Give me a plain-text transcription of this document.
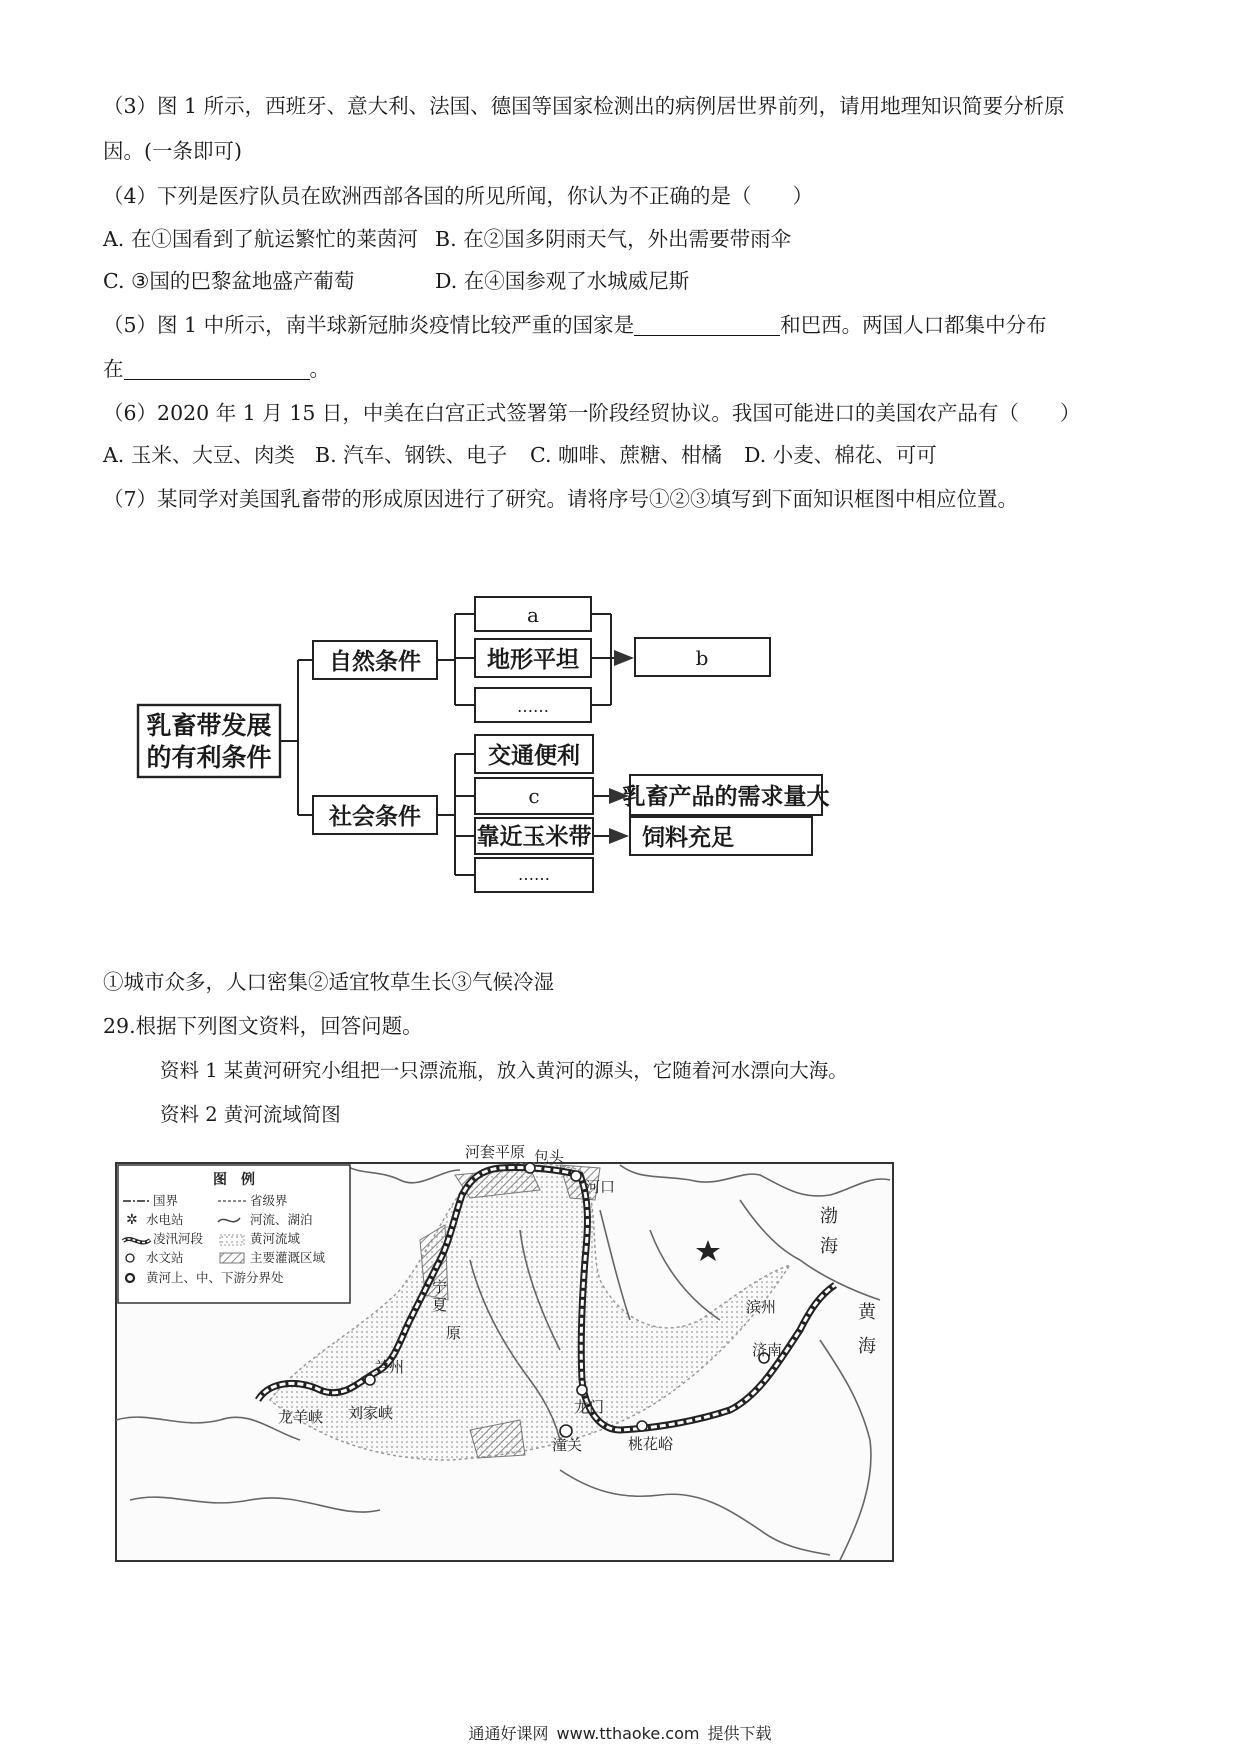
（3）图 1 所示，西班牙、意大利、法国、德国等国家检测出的病例居世界前列，请用地理知识简要分析原
因。(一条即可)
（4）下列是医疗队员在欧洲西部各国的所见所闻，你认为不正确的是（　　）
A. 在①国看到了航运繁忙的莱茵河 B. 在②国多阴雨天气，外出需要带雨伞
C. ③国的巴黎盆地盛产葡萄	D. 在④国参观了水城威尼斯
（5）图 1 中所示，南半球新冠肺炎疫情比较严重的国家是	和巴西。两国人口都集中分布
在	。
（6）2020 年 1 月 15 日，中美在白宫正式签署第一阶段经贸协议。我国可能进口的美国农产品有（　　）
A. 玉米、大豆、肉类 B. 汽车、钢铁、电子 C. 咖啡、蔗糖、柑橘 D. 小麦、棉花、可可
（7）某同学对美国乳畜带的形成原因进行了研究。请将序号①②③填写到下面知识框图中相应位置。
乳畜带发展
的有利条件
自然条件
社会条件
a
地形平坦
……
b
交通便利
c
靠近玉米带
……
乳畜产品的需求量大
饲料充足
①城市众多，人口密集②适宜牧草生长③气候冷湿
29.根据下列图文资料，回答问题。
资料 1 某黄河研究小组把一只漂流瓶，放入黄河的源头，它随着河水漂向大海。
资料 2 黄河流域简图
河套平原 包头
河口
渤
海
黄
海
滨州
济南
宁
夏
原
兰州
龙羊峡 刘家峡	龙门
潼关	桃花峪
图　例
国界	省级界
✲ 水电站	河流、湖泊
凌汛河段	黄河流域
水文站	主要灌溉区域
黄河上、中、下游分界处
通通好课网 www.tthaoke.com 提供下载
